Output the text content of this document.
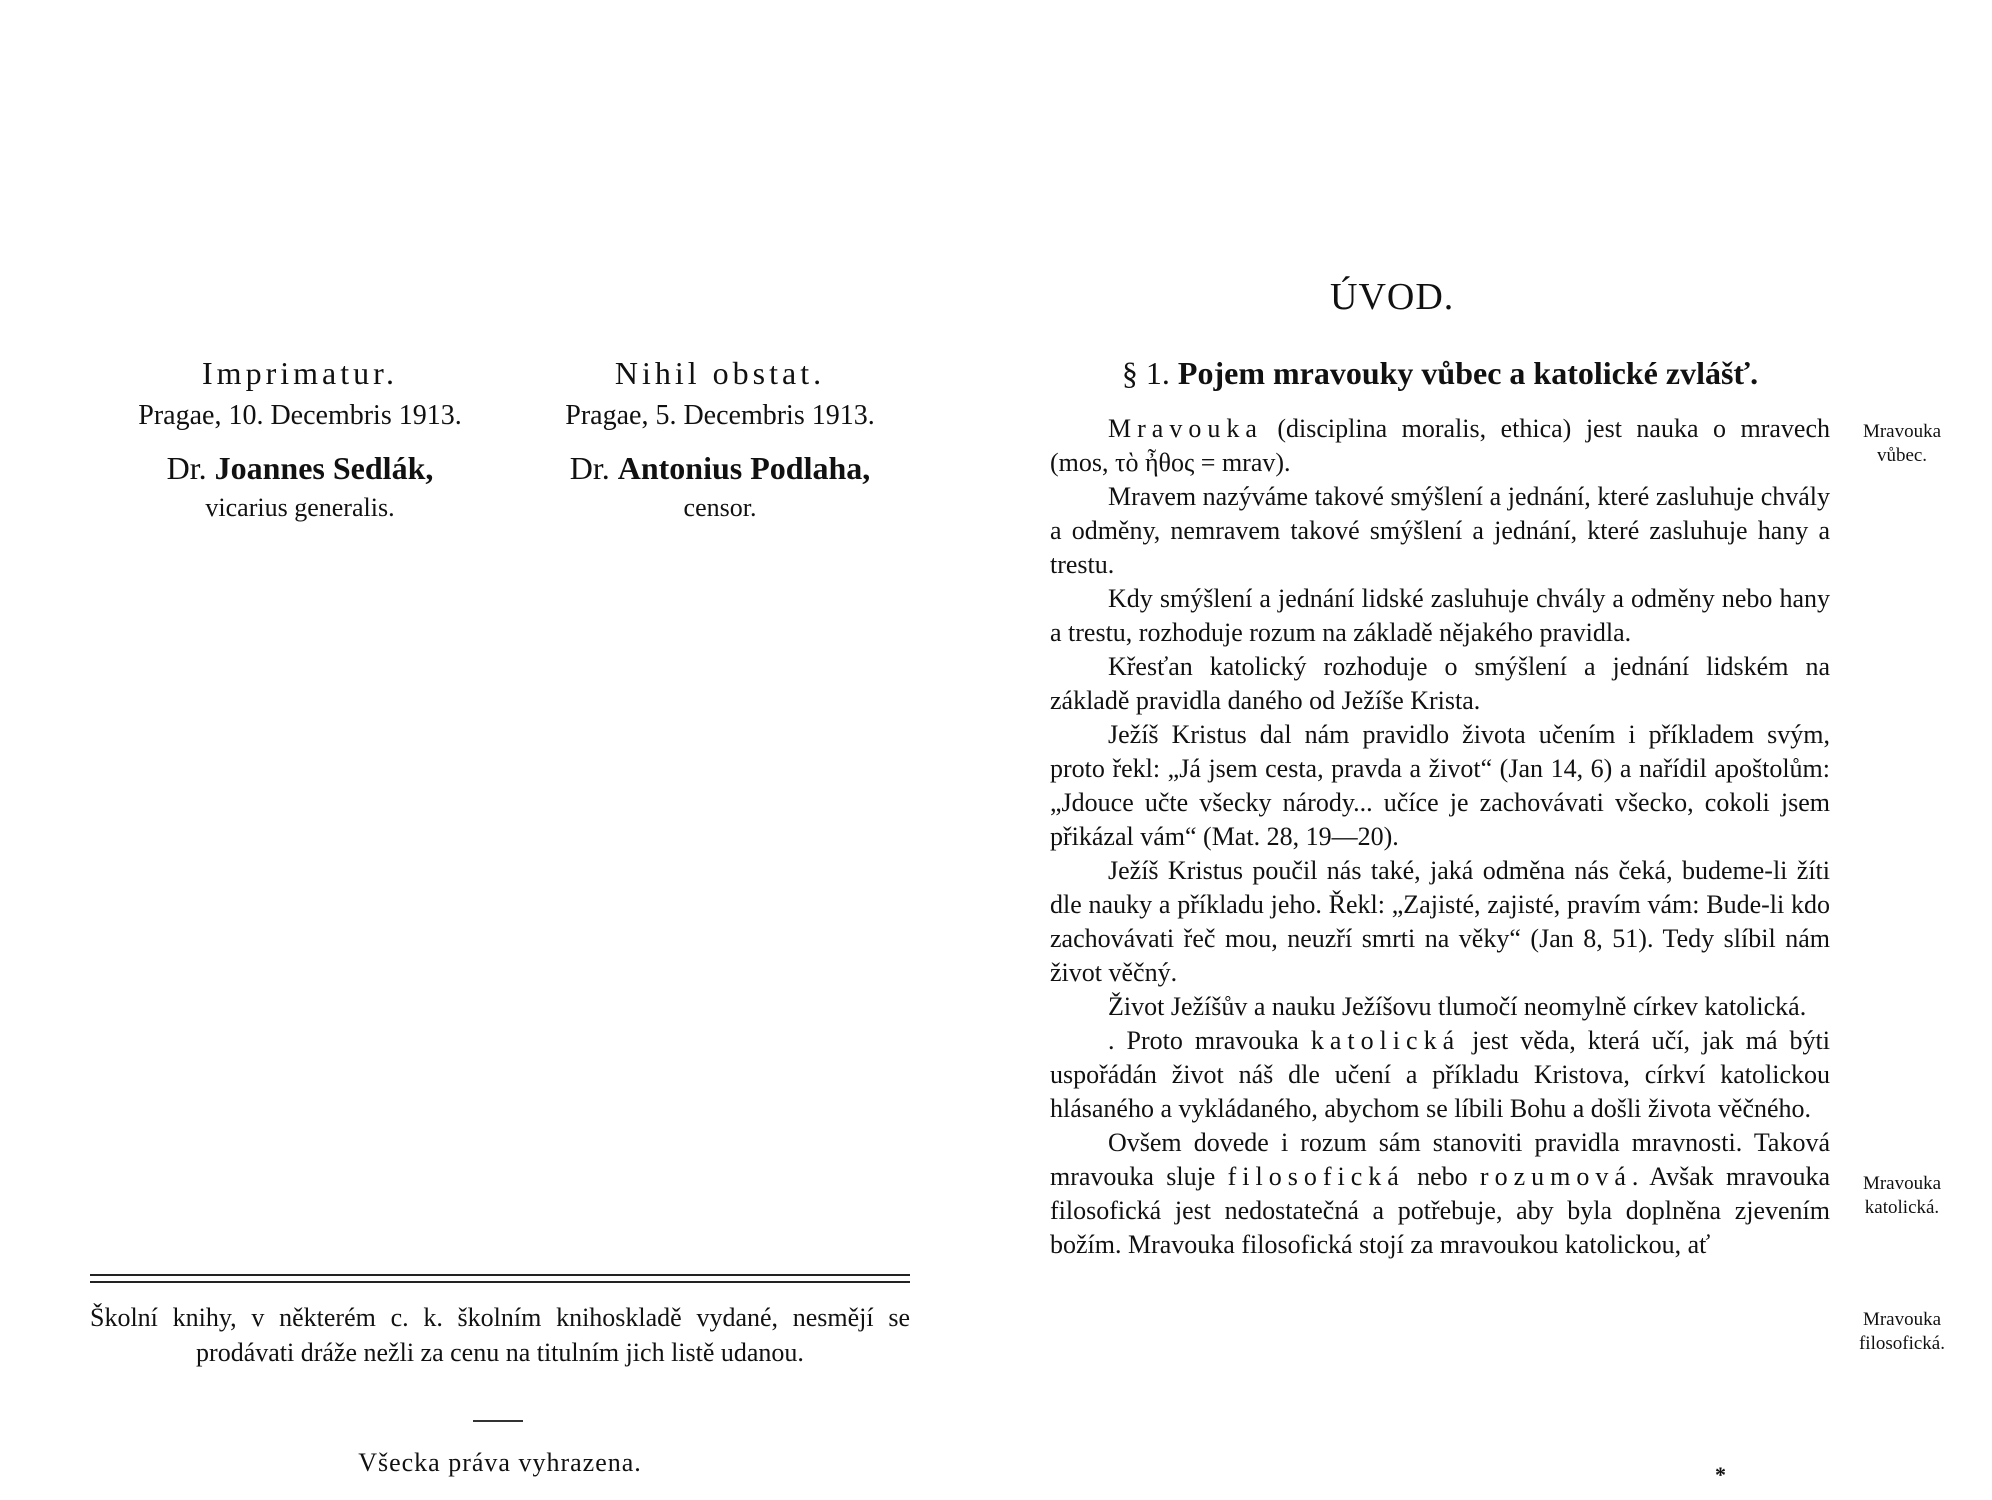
Imprimatur.
Pragae, 10. Decembris 1913.
Dr. Joannes Sedlák,
vicarius generalis.
Nihil obstat.
Pragae, 5. Decembris 1913.
Dr. Antonius Podlaha,
censor.
Školní knihy, v některém c. k. školním knihoskladě vydané, nesmějí se prodávati dráže nežli za cenu na titulním jich listě udanou.
Všecka práva vyhrazena.
ÚVOD.
§ 1. Pojem mravouky vůbec a katolické zvlášť.

Mravouka (disciplina moralis, ethica) jest nauka o mravech (mos, τὸ ἦθος = mrav).

Mravem nazýváme takové smýšlení a jednání, které zasluhuje chvály a odměny, nemravem takové smýšlení a jednání, které zasluhuje hany a trestu.

Kdy smýšlení a jednání lidské zasluhuje chvály a odměny nebo hany a trestu, rozhoduje rozum na základě nějakého pravidla.

Křesťan katolický rozhoduje o smýšlení a jednání lidském na základě pravidla daného od Ježíše Krista.

Ježíš Kristus dal nám pravidlo života učením i příkladem svým, proto řekl: „Já jsem cesta, pravda a život“ (Jan 14, 6) a nařídil apoštolům: „Jdouce učte všecky národy... učíce je zachovávati všecko, cokoli jsem přikázal vám“ (Mat. 28, 19—20).

Ježíš Kristus poučil nás také, jaká odměna nás čeká, budeme-li žíti dle nauky a příkladu jeho. Řekl: „Zajisté, zajisté, pravím vám: Bude-li kdo zachovávati řeč mou, neuzří smrti na věky“ (Jan 8, 51). Tedy slíbil nám život věčný.

Život Ježíšův a nauku Ježíšovu tlumočí neomylně církev katolická.

. Proto mravouka katolická jest věda, která učí, jak má býti uspořádán život náš dle učení a příkladu Kristova, církví katolickou hlásaného a vykládaného, abychom se líbili Bohu a došli života věčného.

Ovšem dovede i rozum sám stanoviti pravidla mravnosti. Taková mravouka sluje filosofická nebo rozumová. Avšak mravouka filosofická jest nedostatečná a potřebuje, aby byla doplněna zjevením božím. Mravouka filosofická stojí za mravoukou katolickou, ať

Mravouka
vůbec.
Mravouka
katolická.
Mravouka
filosofická.
*
